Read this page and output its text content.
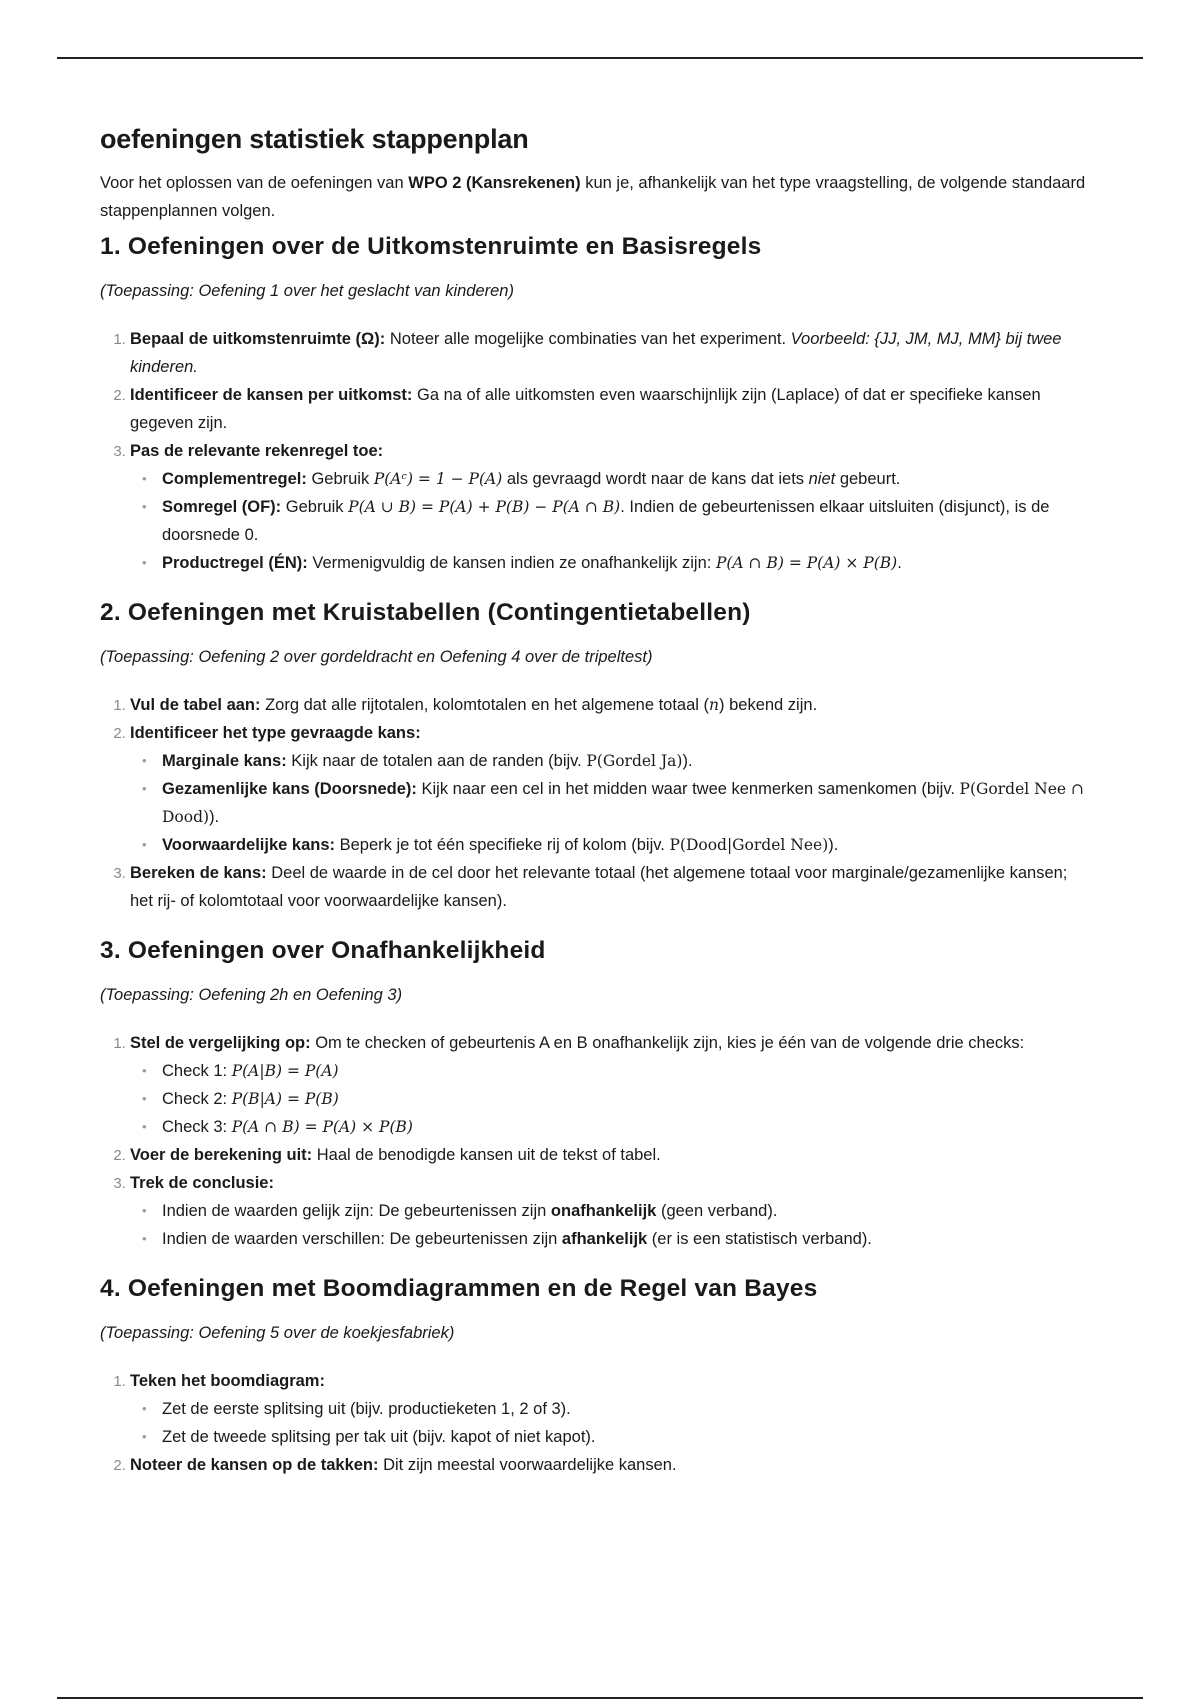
oefeningen statistiek stappenplan

Voor het oplossen van de oefeningen van WPO 2 (Kansrekenen) kun je, afhankelijk van het type vraagstelling, de volgende standaard stappenplannen volgen.

1. Oefeningen over de Uitkomstenruimte en Basisregels

(Toepassing: Oefening 1 over het geslacht van kinderen)

1. Bepaal de uitkomstenruimte (Ω): Noteer alle mogelijke combinaties van het experiment. Voorbeeld: {JJ, JM, MJ, MM} bij twee kinderen.
2. Identificeer de kansen per uitkomst: Ga na of alle uitkomsten even waarschijnlijk zijn (Laplace) of dat er specifieke kansen gegeven zijn.
3. Pas de relevante rekenregel toe:
• Complementregel: Gebruik P(Aᶜ) = 1 − P(A) als gevraagd wordt naar de kans dat iets niet gebeurt.
• Somregel (OF): Gebruik P(A ∪ B) = P(A) + P(B) − P(A ∩ B). Indien de gebeurtenissen elkaar uitsluiten (disjunct), is de doorsnede 0.
• Productregel (ÉN): Vermenigvuldig de kansen indien ze onafhankelijk zijn: P(A ∩ B) = P(A) × P(B).
2. Oefeningen met Kruistabellen (Contingentietabellen)

(Toepassing: Oefening 2 over gordeldracht en Oefening 4 over de tripeltest)

1. Vul de tabel aan: Zorg dat alle rijtotalen, kolomtotalen en het algemene totaal (n) bekend zijn.
2. Identificeer het type gevraagde kans:
• Marginale kans: Kijk naar de totalen aan de randen (bijv. P(Gordel Ja)).
• Gezamenlijke kans (Doorsnede): Kijk naar een cel in het midden waar twee kenmerken samenkomen (bijv. P(Gordel Nee ∩ Dood)).
• Voorwaardelijke kans: Beperk je tot één specifieke rij of kolom (bijv. P(Dood|Gordel Nee)).
3. Bereken de kans: Deel de waarde in de cel door het relevante totaal (het algemene totaal voor marginale/gezamenlijke kansen; het rij- of kolomtotaal voor voorwaardelijke kansen).
3. Oefeningen over Onafhankelijkheid

(Toepassing: Oefening 2h en Oefening 3)

1. Stel de vergelijking op: Om te checken of gebeurtenis A en B onafhankelijk zijn, kies je één van de volgende drie checks:
• Check 1: P(A|B) = P(A)
• Check 2: P(B|A) = P(B)
• Check 3: P(A ∩ B) = P(A) × P(B)
2. Voer de berekening uit: Haal de benodigde kansen uit de tekst of tabel.
3. Trek de conclusie:
• Indien de waarden gelijk zijn: De gebeurtenissen zijn onafhankelijk (geen verband).
• Indien de waarden verschillen: De gebeurtenissen zijn afhankelijk (er is een statistisch verband).
4. Oefeningen met Boomdiagrammen en de Regel van Bayes

(Toepassing: Oefening 5 over de koekjesfabriek)

1. Teken het boomdiagram:
• Zet de eerste splitsing uit (bijv. productieketen 1, 2 of 3).
• Zet de tweede splitsing per tak uit (bijv. kapot of niet kapot).
2. Noteer de kansen op de takken: Dit zijn meestal voorwaardelijke kansen.
